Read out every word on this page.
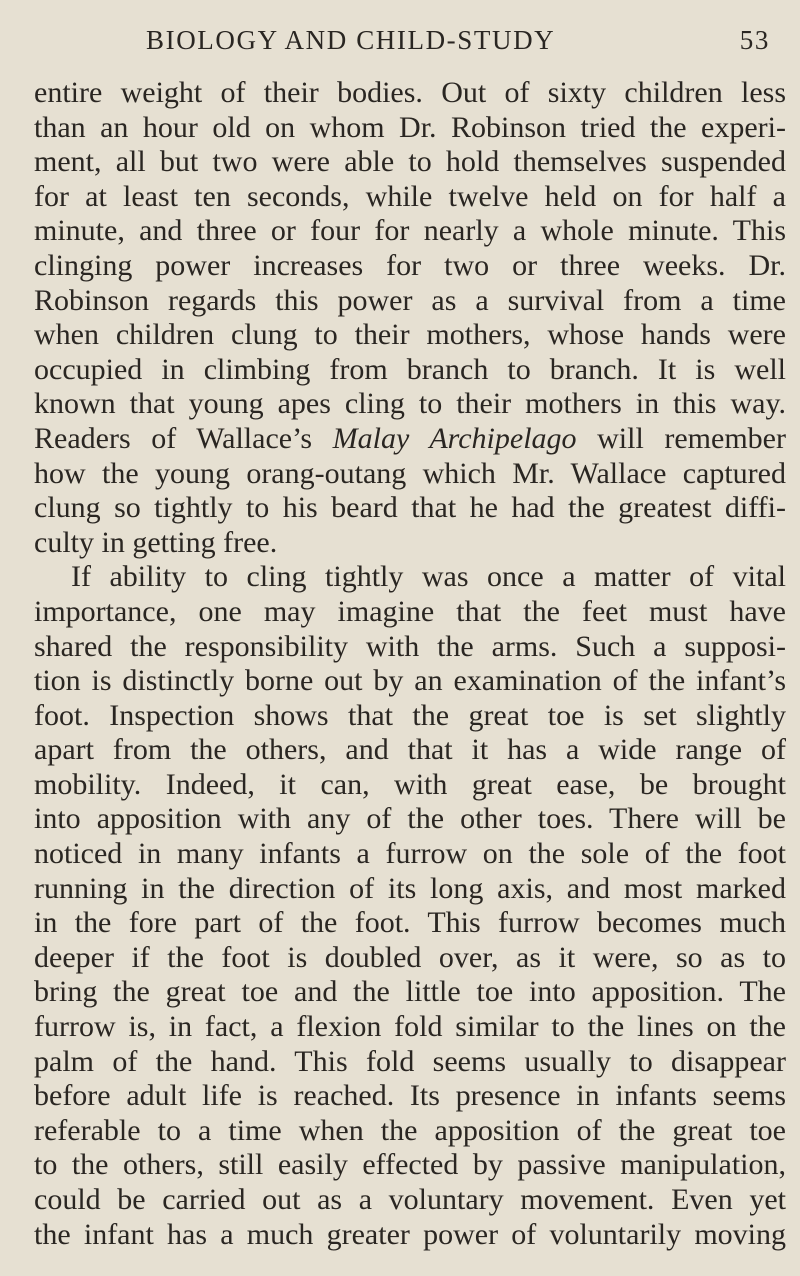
BIOLOGY AND CHILD-STUDY	53
entire weight of their bodies. Out of sixty children less
than an hour old on whom Dr. Robinson tried the experi-
ment, all but two were able to hold themselves suspended
for at least ten seconds, while twelve held on for half a
minute, and three or four for nearly a whole minute. This
clinging power increases for two or three weeks. Dr.
Robinson regards this power as a survival from a time
when children clung to their mothers, whose hands were
occupied in climbing from branch to branch. It is well
known that young apes cling to their mothers in this way.
Readers of Wallace’s Malay Archipelago will remember
how the young orang-outang which Mr. Wallace captured
clung so tightly to his beard that he had the greatest diffi-
culty in getting free.
If ability to cling tightly was once a matter of vital
importance, one may imagine that the feet must have
shared the responsibility with the arms. Such a supposi-
tion is distinctly borne out by an examination of the infant’s
foot. Inspection shows that the great toe is set slightly
apart from the others, and that it has a wide range of
mobility. Indeed, it can, with great ease, be brought
into apposition with any of the other toes. There will be
noticed in many infants a furrow on the sole of the foot
running in the direction of its long axis, and most marked
in the fore part of the foot. This furrow becomes much
deeper if the foot is doubled over, as it were, so as to
bring the great toe and the little toe into apposition. The
furrow is, in fact, a flexion fold similar to the lines on the
palm of the hand. This fold seems usually to disappear
before adult life is reached. Its presence in infants seems
referable to a time when the apposition of the great toe
to the others, still easily effected by passive manipulation,
could be carried out as a voluntary movement. Even yet
the infant has a much greater power of voluntarily moving
